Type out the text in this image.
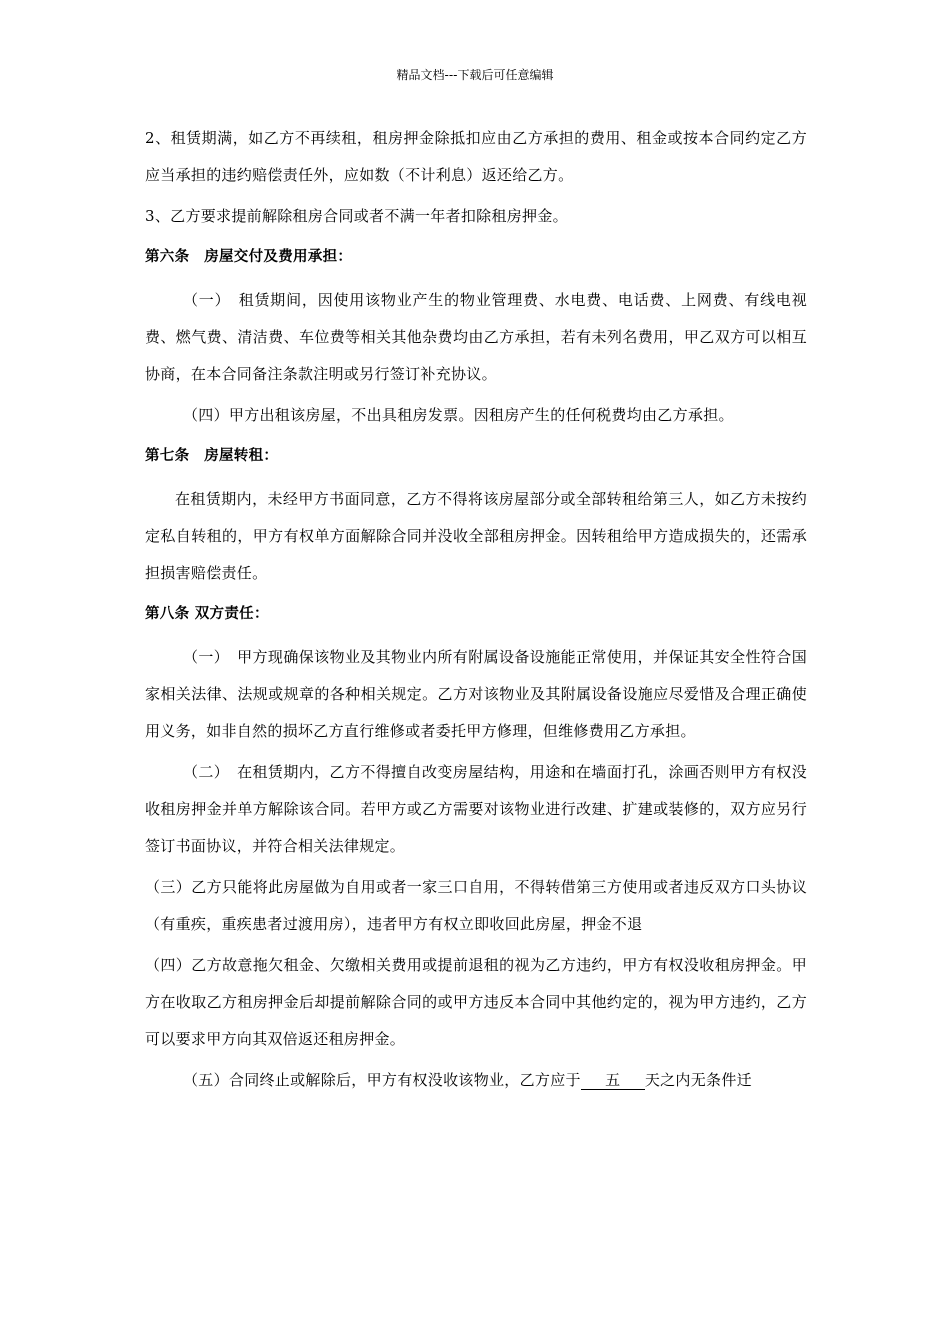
精品文档---下载后可任意编辑

2、租赁期满，如乙方不再续租，租房押金除抵扣应由乙方承担的费用、租金或按本合同约定乙方应当承担的违约赔偿责任外，应如数（不计利息）返还给乙方。

3、乙方要求提前解除租房合同或者不满一年者扣除租房押金。

第六条　房屋交付及费用承担：

（一）　租赁期间，因使用该物业产生的物业管理费、水电费、电话费、上网费、有线电视费、燃气费、清洁费、车位费等相关其他杂费均由乙方承担，若有未列名费用，甲乙双方可以相互协商，在本合同备注条款注明或另行签订补充协议。

（四）甲方出租该房屋，不出具租房发票。因租房产生的任何税费均由乙方承担。

第七条　房屋转租：

在租赁期内，未经甲方书面同意，乙方不得将该房屋部分或全部转租给第三人，如乙方未按约定私自转租的，甲方有权单方面解除合同并没收全部租房押金。因转租给甲方造成损失的，还需承担损害赔偿责任。

第八条 双方责任：

（一）　甲方现确保该物业及其物业内所有附属设备设施能正常使用，并保证其安全性符合国家相关法律、法规或规章的各种相关规定。乙方对该物业及其附属设备设施应尽爱惜及合理正确使用义务，如非自然的损坏乙方直行维修或者委托甲方修理，但维修费用乙方承担。

（二）　在租赁期内，乙方不得擅自改变房屋结构，用途和在墙面打孔，涂画否则甲方有权没收租房押金并单方解除该合同。若甲方或乙方需要对该物业进行改建、扩建或装修的，双方应另行签订书面协议，并符合相关法律规定。

（三）乙方只能将此房屋做为自用或者一家三口自用，不得转借第三方使用或者违反双方口头协议（有重疾，重疾患者过渡用房），违者甲方有权立即收回此房屋，押金不退

（四）乙方故意拖欠租金、欠缴相关费用或提前退租的视为乙方违约，甲方有权没收租房押金。甲方在收取乙方租房押金后却提前解除合同的或甲方违反本合同中其他约定的，视为甲方违约，乙方可以要求甲方向其双倍返还租房押金。

（五）合同终止或解除后，甲方有权没收该物业，乙方应于 五 天之内无条件迁
